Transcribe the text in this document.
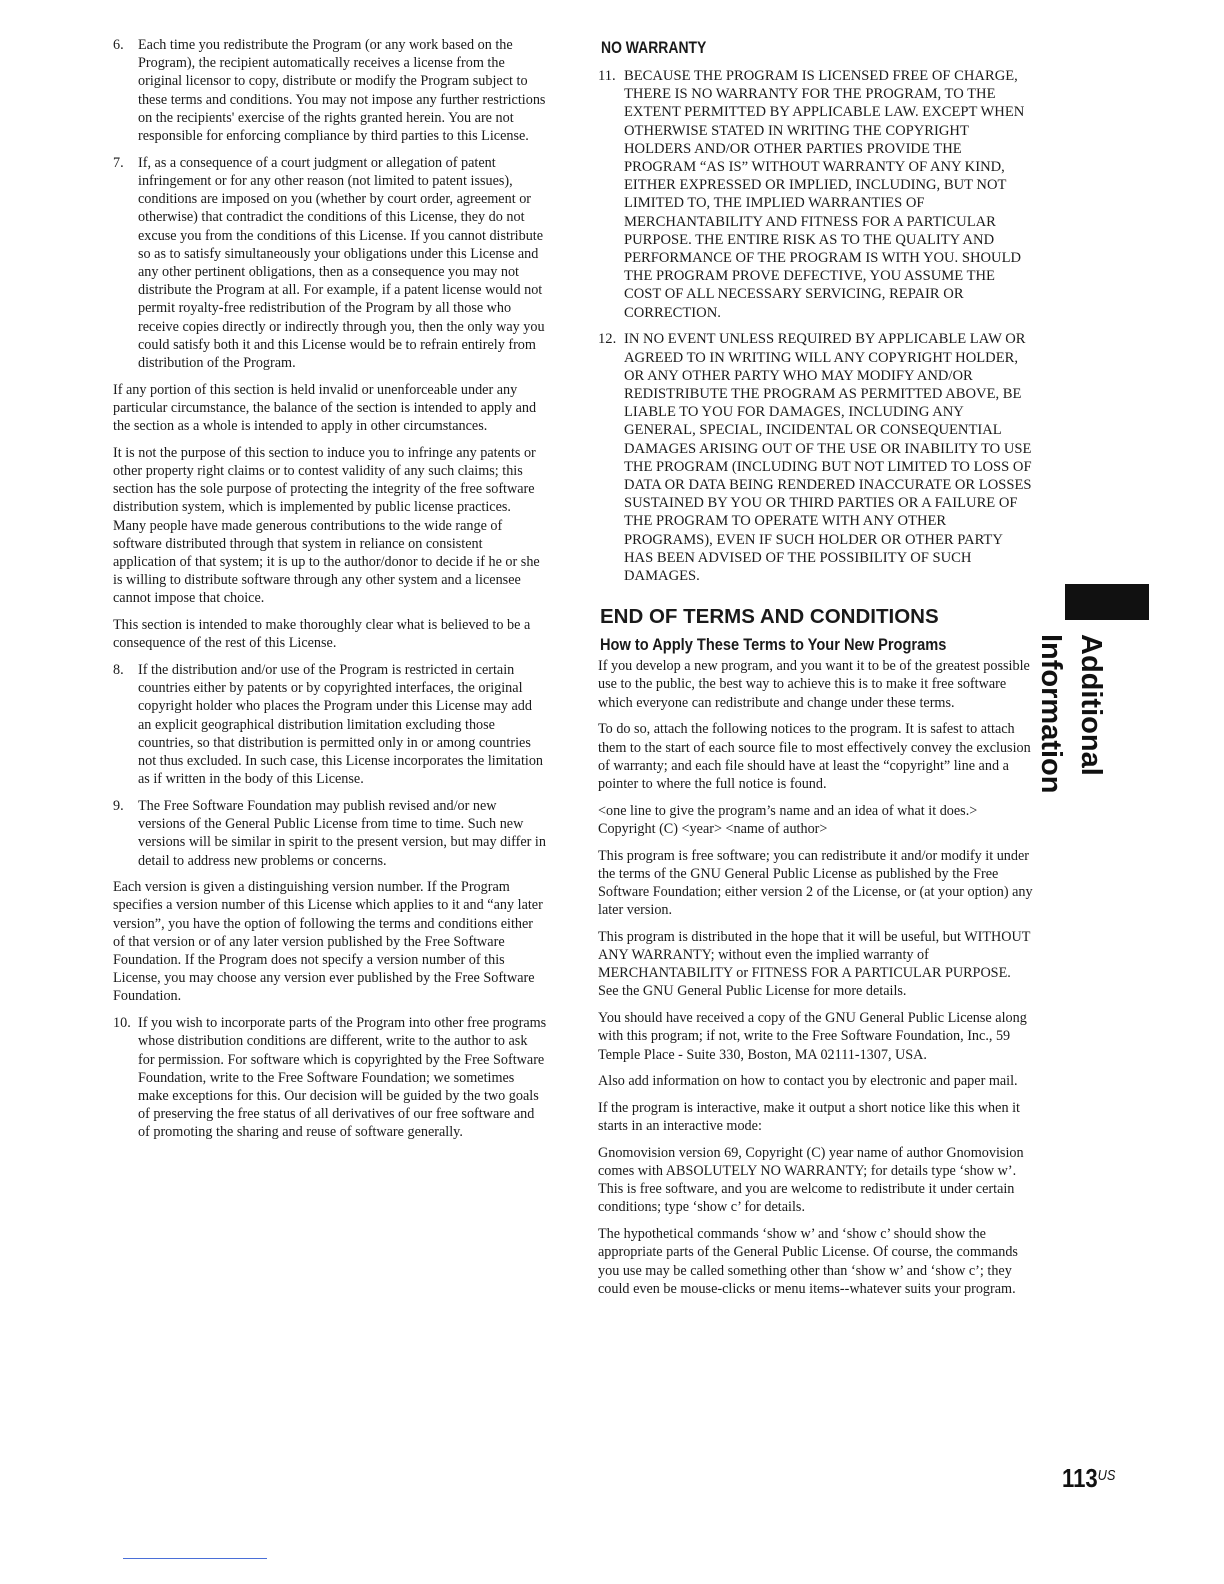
6. Each time you redistribute the Program (or any work based on the Program), the recipient automatically receives a license from the original licensor to copy, distribute or modify the Program subject to these terms and conditions. You may not impose any further restrictions on the recipients' exercise of the rights granted herein. You are not responsible for enforcing compliance by third parties to this License.
7. If, as a consequence of a court judgment or allegation of patent infringement or for any other reason (not limited to patent issues), conditions are imposed on you (whether by court order, agreement or otherwise) that contradict the conditions of this License, they do not excuse you from the conditions of this License. If you cannot distribute so as to satisfy simultaneously your obligations under this License and any other pertinent obligations, then as a consequence you may not distribute the Program at all. For example, if a patent license would not permit royalty-free redistribution of the Program by all those who receive copies directly or indirectly through you, then the only way you could satisfy both it and this License would be to refrain entirely from distribution of the Program.

If any portion of this section is held invalid or unenforceable under any particular circumstance, the balance of the section is intended to apply and the section as a whole is intended to apply in other circumstances.

It is not the purpose of this section to induce you to infringe any patents or other property right claims or to contest validity of any such claims; this section has the sole purpose of protecting the integrity of the free software distribution system, which is implemented by public license practices. Many people have made generous contributions to the wide range of software distributed through that system in reliance on consistent application of that system; it is up to the author/donor to decide if he or she is willing to distribute software through any other system and a licensee cannot impose that choice.

This section is intended to make thoroughly clear what is believed to be a consequence of the rest of this License.

8. If the distribution and/or use of the Program is restricted in certain countries either by patents or by copyrighted interfaces, the original copyright holder who places the Program under this License may add an explicit geographical distribution limitation excluding those countries, so that distribution is permitted only in or among countries not thus excluded. In such case, this License incorporates the limitation as if written in the body of this License.
9. The Free Software Foundation may publish revised and/or new versions of the General Public License from time to time. Such new versions will be similar in spirit to the present version, but may differ in detail to address new problems or concerns.

Each version is given a distinguishing version number. If the Program specifies a version number of this License which applies to it and “any later version”, you have the option of following the terms and conditions either of that version or of any later version published by the Free Software Foundation. If the Program does not specify a version number of this License, you may choose any version ever published by the Free Software Foundation.

10. If you wish to incorporate parts of the Program into other free programs whose distribution conditions are different, write to the author to ask for permission. For software which is copyrighted by the Free Software Foundation, write to the Free Software Foundation; we sometimes make exceptions for this. Our decision will be guided by the two goals of preserving the free status of all derivatives of our free software and of promoting the sharing and reuse of software generally.
NO WARRANTY
11. BECAUSE THE PROGRAM IS LICENSED FREE OF CHARGE, THERE IS NO WARRANTY FOR THE PROGRAM, TO THE EXTENT PERMITTED BY APPLICABLE LAW. EXCEPT WHEN OTHERWISE STATED IN WRITING THE COPYRIGHT HOLDERS AND/OR OTHER PARTIES PROVIDE THE PROGRAM “AS IS” WITHOUT WARRANTY OF ANY KIND, EITHER EXPRESSED OR IMPLIED, INCLUDING, BUT NOT LIMITED TO, THE IMPLIED WARRANTIES OF MERCHANTABILITY AND FITNESS FOR A PARTICULAR PURPOSE. THE ENTIRE RISK AS TO THE QUALITY AND PERFORMANCE OF THE PROGRAM IS WITH YOU. SHOULD THE PROGRAM PROVE DEFECTIVE, YOU ASSUME THE COST OF ALL NECESSARY SERVICING, REPAIR OR CORRECTION.
12. IN NO EVENT UNLESS REQUIRED BY APPLICABLE LAW OR AGREED TO IN WRITING WILL ANY COPYRIGHT HOLDER, OR ANY OTHER PARTY WHO MAY MODIFY AND/OR REDISTRIBUTE THE PROGRAM AS PERMITTED ABOVE, BE LIABLE TO YOU FOR DAMAGES, INCLUDING ANY GENERAL, SPECIAL, INCIDENTAL OR CONSEQUENTIAL DAMAGES ARISING OUT OF THE USE OR INABILITY TO USE THE PROGRAM (INCLUDING BUT NOT LIMITED TO LOSS OF DATA OR DATA BEING RENDERED INACCURATE OR LOSSES SUSTAINED BY YOU OR THIRD PARTIES OR A FAILURE OF THE PROGRAM TO OPERATE WITH ANY OTHER PROGRAMS), EVEN IF SUCH HOLDER OR OTHER PARTY HAS BEEN ADVISED OF THE POSSIBILITY OF SUCH DAMAGES.
END OF TERMS AND CONDITIONS
How to Apply These Terms to Your New Programs

If you develop a new program, and you want it to be of the greatest possible use to the public, the best way to achieve this is to make it free software which everyone can redistribute and change under these terms.

To do so, attach the following notices to the program. It is safest to attach them to the start of each source file to most effectively convey the exclusion of warranty; and each file should have at least the “copyright” line and a pointer to where the full notice is found.

<one line to give the program’s name and an idea of what it does.>
Copyright (C) <year> <name of author>

This program is free software; you can redistribute it and/or modify it under the terms of the GNU General Public License as published by the Free Software Foundation; either version 2 of the License, or (at your option) any later version.

This program is distributed in the hope that it will be useful, but WITHOUT ANY WARRANTY; without even the implied warranty of MERCHANTABILITY or FITNESS FOR A PARTICULAR PURPOSE. See the GNU General Public License for more details.

You should have received a copy of the GNU General Public License along with this program; if not, write to the Free Software Foundation, Inc., 59 Temple Place - Suite 330, Boston, MA 02111-1307, USA.

Also add information on how to contact you by electronic and paper mail.

If the program is interactive, make it output a short notice like this when it starts in an interactive mode:

Gnomovision version 69, Copyright (C) year name of author Gnomovision comes with ABSOLUTELY NO WARRANTY; for details type ‘show w’. This is free software, and you are welcome to redistribute it under certain conditions; type ‘show c’ for details.

The hypothetical commands ‘show w’ and ‘show c’ should show the appropriate parts of the General Public License. Of course, the commands you use may be called something other than ‘show w’ and ‘show c’; they could even be mouse-clicks or menu items--whatever suits your program.

Additional Information
$113^{US}$
